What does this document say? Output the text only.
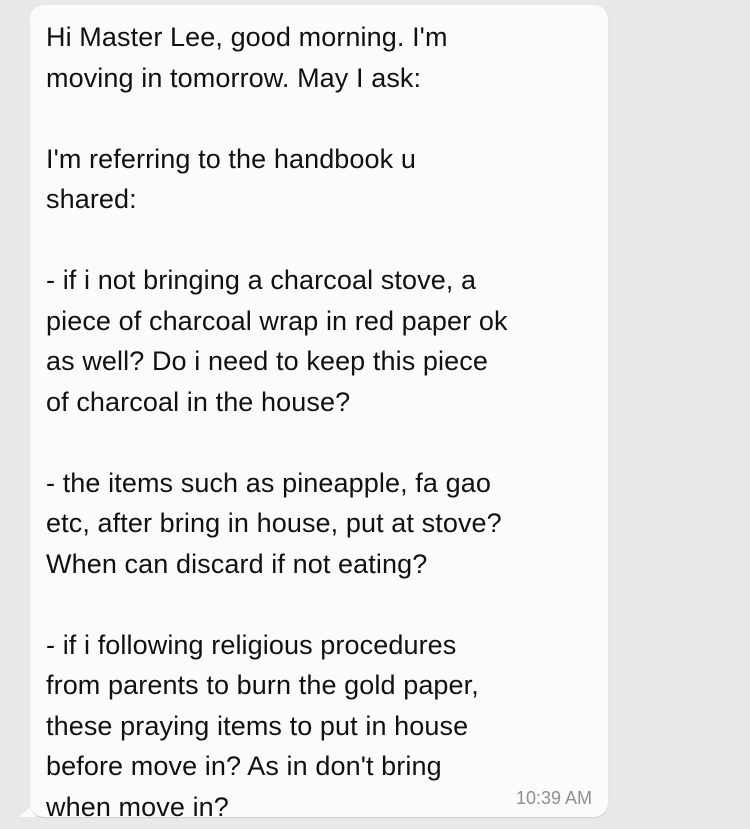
Hi Master Lee, good morning. I'm
moving in tomorrow. May I ask:

I'm referring to the handbook u
shared:

- if i not bringing a charcoal stove, a
piece of charcoal wrap in red paper ok
as well? Do i need to keep this piece
of charcoal in the house?

- the items such as pineapple, fa gao
etc, after bring in house, put at stove?
When can discard if not eating?

- if i following religious procedures
from parents to burn the gold paper,
these praying items to put in house
before move in? As in don't bring
when move in?	10:39 AM
